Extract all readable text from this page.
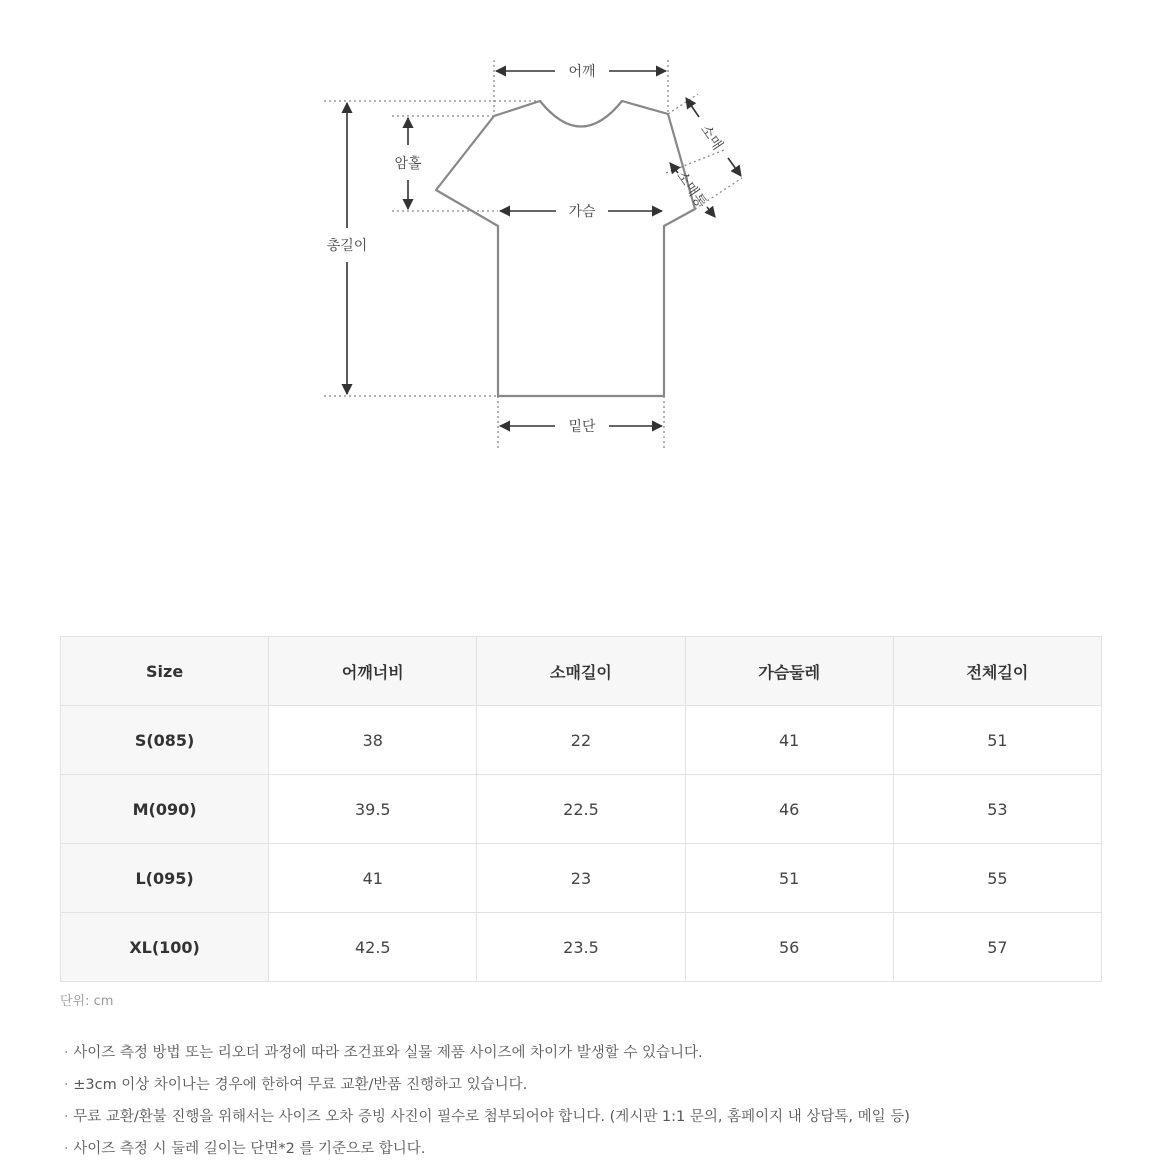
어깨
총길이
암홀
가슴
밑단
소매
소매통
Size	어깨너비	소매길이	가슴둘레	전체길이
S(085)	38	22	41	51
M(090)	39.5	22.5	46	53
L(095)	41	23	51	55
XL(100)	42.5	23.5	56	57
단위: cm
· 사이즈 측정 방법 또는 리오더 과정에 따라 조건표와 실물 제품 사이즈에 차이가 발생할 수 있습니다.
· ±3cm 이상 차이나는 경우에 한하여 무료 교환/반품 진행하고 있습니다.
· 무료 교환/환불 진행을 위해서는 사이즈 오차 증빙 사진이 필수로 첨부되어야 합니다. (게시판 1:1 문의, 홈페이지 내 상담톡, 메일 등)
· 사이즈 측정 시 둘레 길이는 단면*2 를 기준으로 합니다.
